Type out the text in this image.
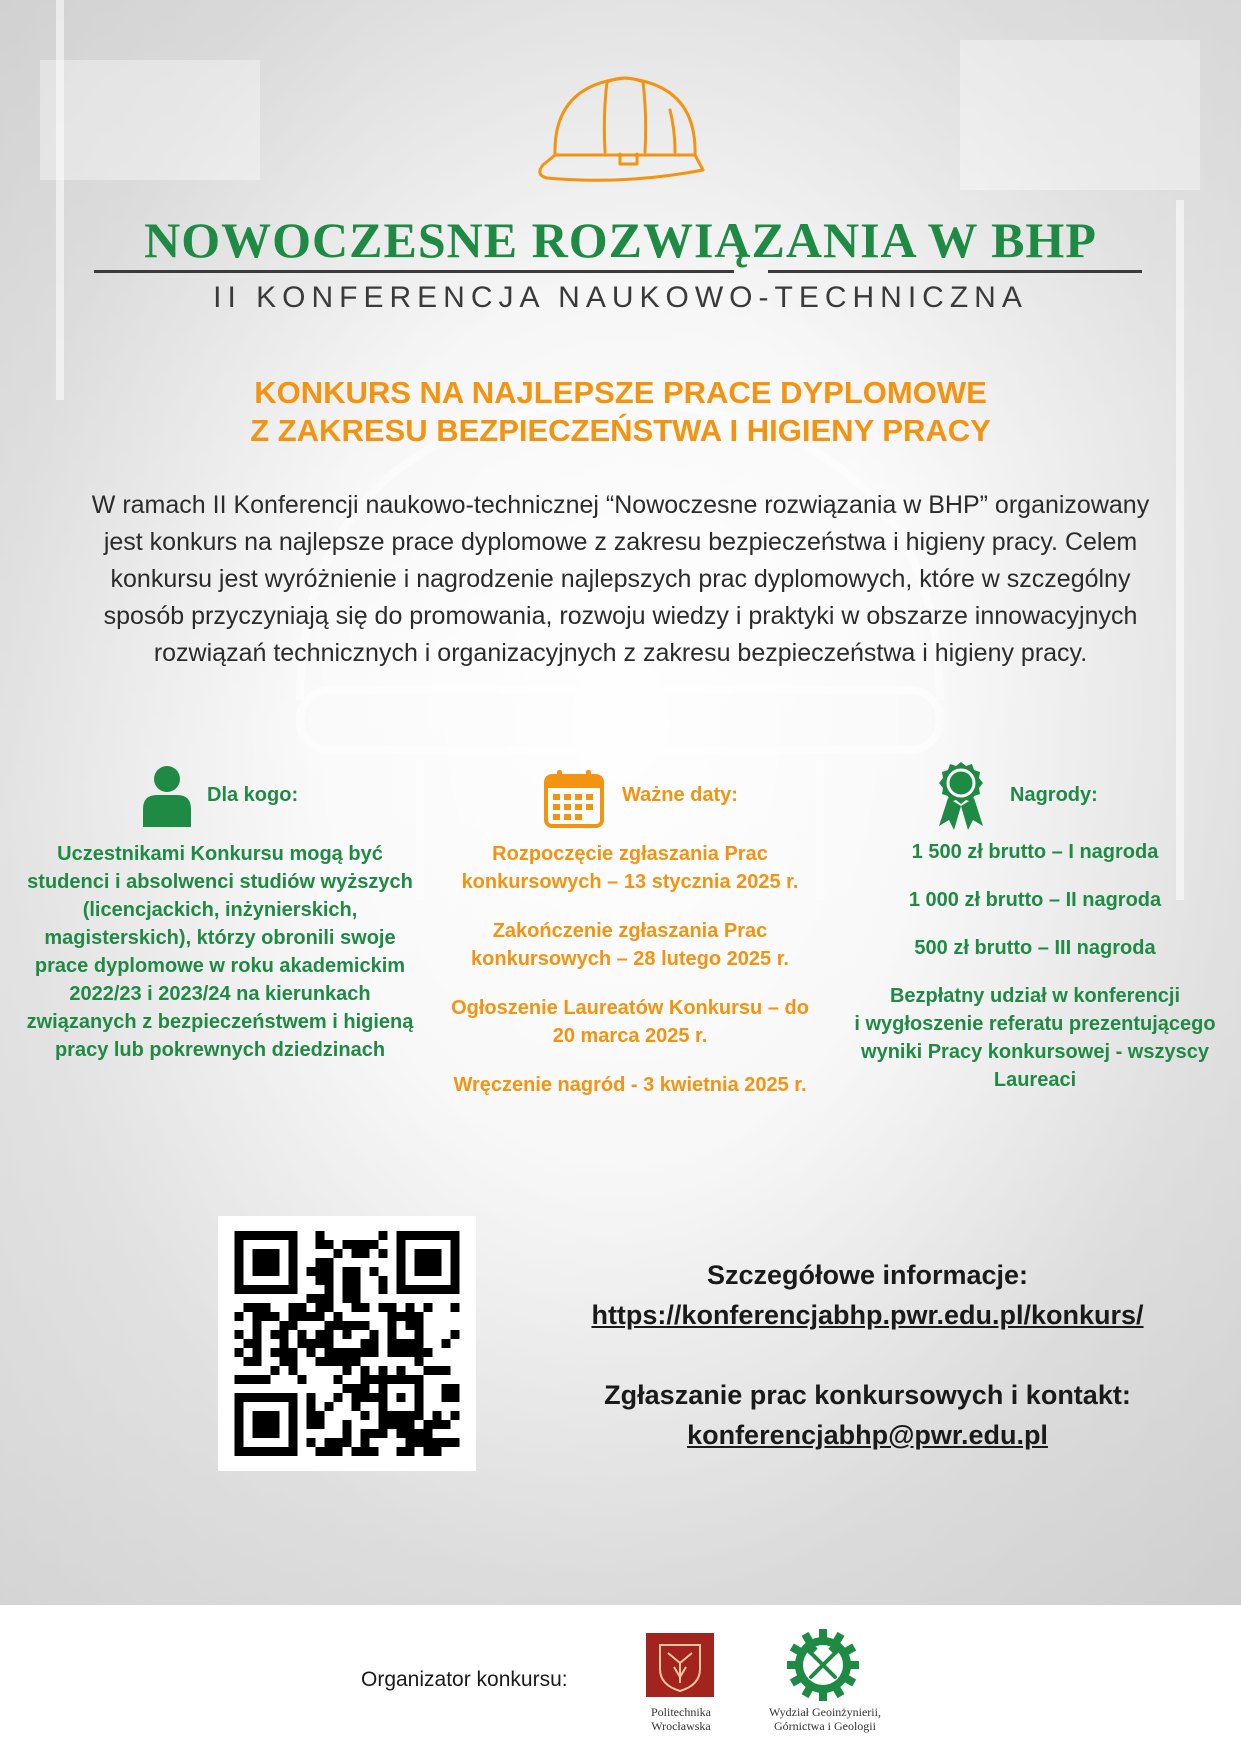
NOWOCZESNE ROZWIĄZANIA W BHP
II KONFERENCJA NAUKOWO-TECHNICZNA
KONKURS NA NAJLEPSZE PRACE DYPLOMOWE
Z ZAKRESU BEZPIECZEŃSTWA I HIGIENY PRACY
W ramach II Konferencji naukowo-technicznej “Nowoczesne rozwiązania w BHP” organizowany
jest konkurs na najlepsze prace dyplomowe z zakresu bezpieczeństwa i higieny pracy. Celem
konkursu jest wyróżnienie i nagrodzenie najlepszych prac dyplomowych, które w szczególny
sposób przyczyniają się do promowania, rozwoju wiedzy i praktyki w obszarze innowacyjnych
rozwiązań technicznych i organizacyjnych z zakresu bezpieczeństwa i higieny pracy.
Dla kogo:
Uczestnikami Konkursu mogą być
studenci i absolwenci studiów wyższych
(licencjackich, inżynierskich,
magisterskich), którzy obronili swoje
prace dyplomowe w roku akademickim
2022/23 i 2023/24 na kierunkach
związanych z bezpieczeństwem i higieną
pracy lub pokrewnych dziedzinach
Ważne daty:

Rozpoczęcie zgłaszania Prac
konkursowych – 13 stycznia 2025 r.

Zakończenie zgłaszania Prac
konkursowych – 28 lutego 2025 r.

Ogłoszenie Laureatów Konkursu – do
20 marca 2025 r.

Wręczenie nagród - 3 kwietnia 2025 r.

Nagrody:

1 500 zł brutto – I nagroda

1 000 zł brutto – II nagroda

500 zł brutto – III nagroda

Bezpłatny udział w konferencji
i wygłoszenie referatu prezentującego
wyniki Pracy konkursowej - wszyscy
Laureaci
Szczegółowe informacje:
https://konferencjabhp.pwr.edu.pl/konkurs/
Zgłaszanie prac konkursowych i kontakt:
konferencjabhp@pwr.edu.pl
Organizator konkursu:
Politechnika
Wrocławska
Wydział Geoinżynierii,
Górnictwa i Geologii
